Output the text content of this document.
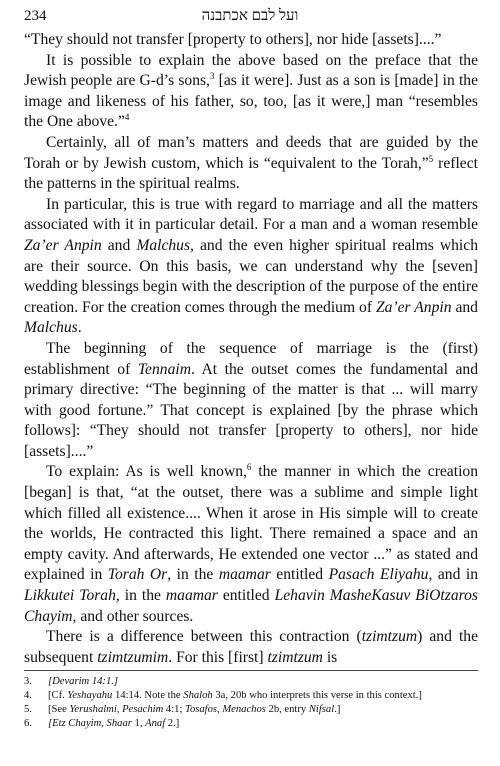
234	ועל לבם אכתבנה

“They should not transfer [property to others], nor hide [assets]....”

It is possible to explain the above based on the preface that the Jewish people are G-d’s sons,$^3$ [as it were]. Just as a son is [made] in the image and likeness of his father, so, too, [as it were,] man “resembles the One above.”$^4$

Certainly, all of man’s matters and deeds that are guided by the Torah or by Jewish custom, which is “equivalent to the Torah,”$^5$ reflect the patterns in the spiritual realms.

In particular, this is true with regard to marriage and all the matters associated with it in particular detail. For a man and a woman resemble Za’er Anpin and Malchus, and the even higher spiritual realms which are their source. On this basis, we can understand why the [seven] wedding blessings begin with the description of the purpose of the entire creation. For the creation comes through the medium of Za’er Anpin and Malchus.

The beginning of the sequence of marriage is the (first) establishment of Tennaim. At the outset comes the fundamental and primary directive: “The beginning of the matter is that ... will marry with good fortune.” That concept is explained [by the phrase which follows]: “They should not transfer [property to others], nor hide [assets]....”

To explain: As is well known,$^6$ the manner in which the creation [began] is that, “at the outset, there was a sublime and simple light which filled all existence.... When it arose in His simple will to create the worlds, He contracted this light. There remained a space and an empty cavity. And afterwards, He extended one vector ...” as stated and explained in Torah Or, in the maamar entitled Pasach Eliyahu, and in Likkutei Torah, in the maamar entitled Lehavin MasheKasuv BiOtzaros Chayim, and other sources.

There is a difference between this contraction (tzimtzum) and the subsequent tzimtzumim. For this [first] tzimtzum is

3.	[Devarim 14:1.]
4.	[Cf. Yeshayahu 14:14. Note the Shaloh 3a, 20b who interprets this verse in this context.]
5.	[See Yerushalmi, Pesachim 4:1; Tosafos, Menachos 2b, entry Nifsal.]
6.	[Etz Chayim, Shaar 1, Anaf 2.]
